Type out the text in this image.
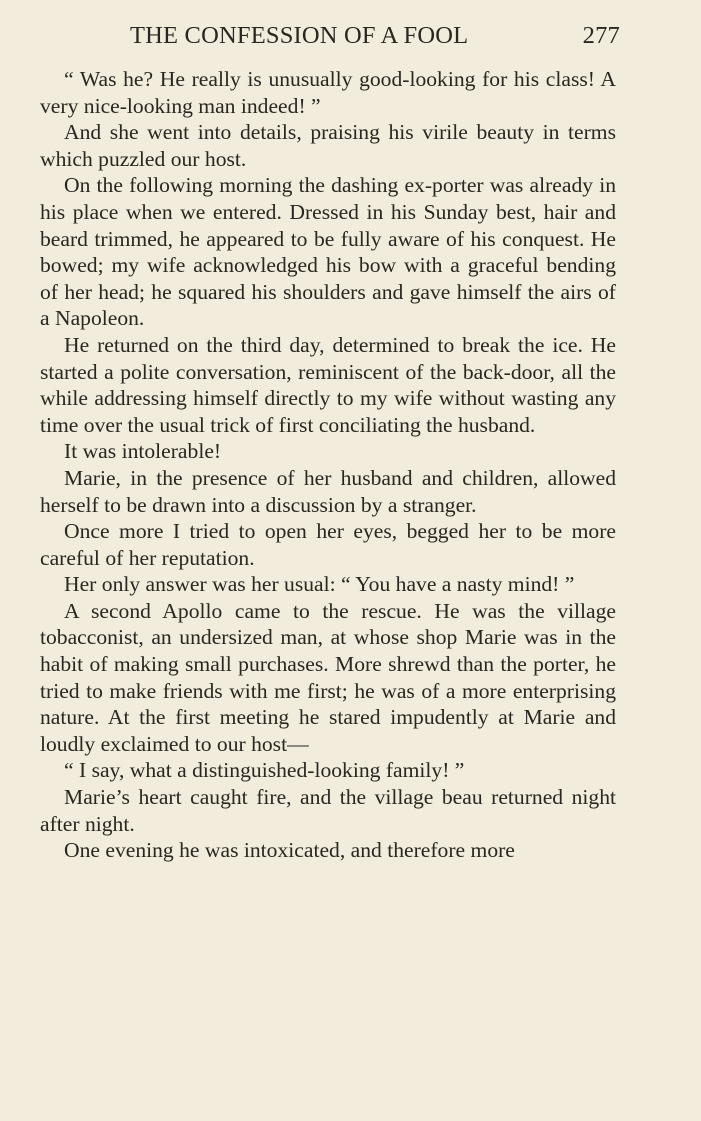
THE CONFESSION OF A FOOL	277

“ Was he? He really is unusually good-looking for his class! A very nice-looking man indeed! ”

And she went into details, praising his virile beauty in terms which puzzled our host.

On the following morning the dashing ex-porter was already in his place when we entered. Dressed in his Sunday best, hair and beard trimmed, he appeared to be fully aware of his conquest. He bowed; my wife acknowledged his bow with a graceful bending of her head; he squared his shoulders and gave himself the airs of a Napoleon.

He returned on the third day, determined to break the ice. He started a polite conversation, reminiscent of the back-door, all the while addressing himself directly to my wife without wasting any time over the usual trick of first conciliating the husband.

It was intolerable!

Marie, in the presence of her husband and children, allowed herself to be drawn into a discussion by a stranger.

Once more I tried to open her eyes, begged her to be more careful of her reputation.

Her only answer was her usual: “ You have a nasty mind! ”

A second Apollo came to the rescue. He was the village tobacconist, an undersized man, at whose shop Marie was in the habit of making small purchases. More shrewd than the porter, he tried to make friends with me first; he was of a more enterprising nature. At the first meeting he stared impudently at Marie and loudly exclaimed to our host—

“ I say, what a distinguished-looking family! ”

Marie’s heart caught fire, and the village beau returned night after night.

One evening he was intoxicated, and therefore more
